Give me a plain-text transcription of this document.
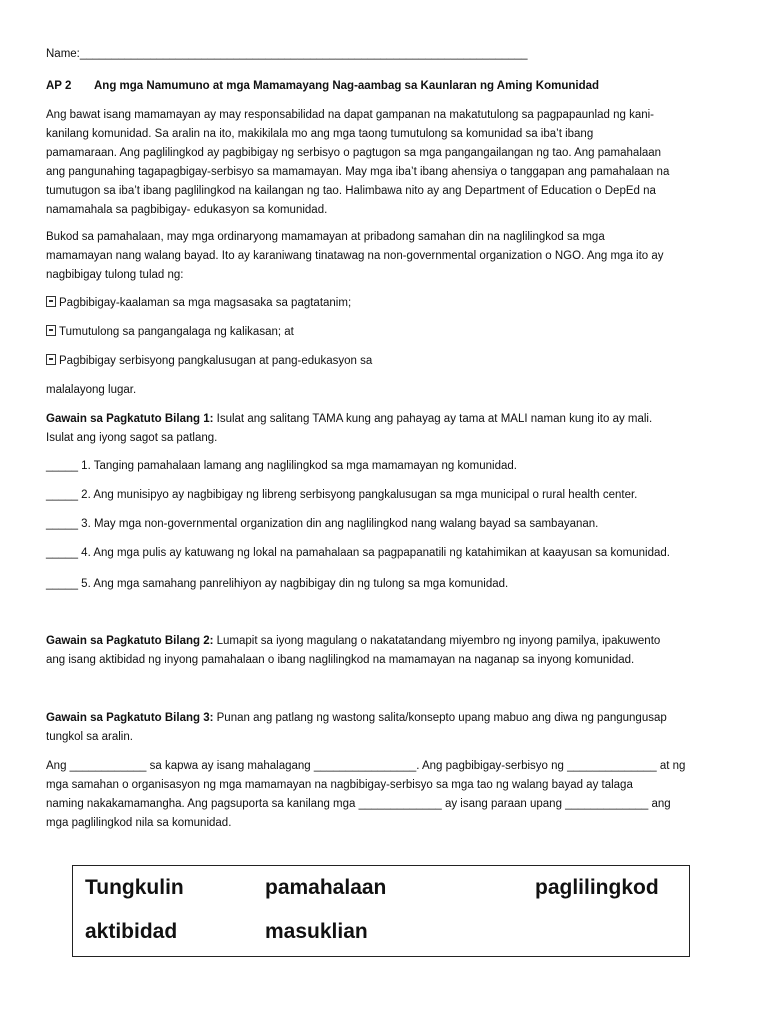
Name:______________________________________________________________________

AP 2 Ang mga Namumuno at mga Mamamayang Nag-aambag sa Kaunlaran ng Aming Komunidad

Ang bawat isang mamamayan ay may responsabilidad na dapat gampanan na makatutulong sa pagpapaunlad ng kani-

kanilang komunidad. Sa aralin na ito, makikilala mo ang mga taong tumutulong sa komunidad sa iba’t ibang

pamamaraan. Ang paglilingkod ay pagbibigay ng serbisyo o pagtugon sa mga pangangailangan ng tao. Ang pamahalaan

ang pangunahing tagapagbigay-serbisyo sa mamamayan. May mga iba’t ibang ahensiya o tanggapan ang pamahalaan na

tumutugon sa iba’t ibang paglilingkod na kailangan ng tao. Halimbawa nito ay ang Department of Education o DepEd na

namamahala sa pagbibigay- edukasyon sa komunidad.

Bukod sa pamahalaan, may mga ordinaryong mamamayan at pribadong samahan din na naglilingkod sa mga

mamamayan nang walang bayad. Ito ay karaniwang tinatawag na non-governmental organization o NGO. Ang mga ito ay

nagbibigay tulong tulad ng:

Pagbibigay-kaalaman sa mga magsasaka sa pagtatanim;

Tumutulong sa pangangalaga ng kalikasan; at

Pagbibigay serbisyong pangkalusugan at pang-edukasyon sa

malalayong lugar.

Gawain sa Pagkatuto Bilang 1: Isulat ang salitang TAMA kung ang pahayag ay tama at MALI naman kung ito ay mali.

Isulat ang iyong sagot sa patlang.

_____ 1. Tanging pamahalaan lamang ang naglilingkod sa mga mamamayan ng komunidad.

_____ 2. Ang munisipyo ay nagbibigay ng libreng serbisyong pangkalusugan sa mga municipal o rural health center.

_____ 3. May mga non-governmental organization din ang naglilingkod nang walang bayad sa sambayanan.

_____ 4. Ang mga pulis ay katuwang ng lokal na pamahalaan sa pagpapanatili ng katahimikan at kaayusan sa komunidad.

_____ 5. Ang mga samahang panrelihiyon ay nagbibigay din ng tulong sa mga komunidad.

Gawain sa Pagkatuto Bilang 2: Lumapit sa iyong magulang o nakatatandang miyembro ng inyong pamilya, ipakuwento

ang isang aktibidad ng inyong pamahalaan o ibang naglilingkod na mamamayan na naganap sa inyong komunidad.

Gawain sa Pagkatuto Bilang 3: Punan ang patlang ng wastong salita/konsepto upang mabuo ang diwa ng pangungusap

tungkol sa aralin.

Ang ____________ sa kapwa ay isang mahalagang ________________. Ang pagbibigay-serbisyo ng ______________ at ng

mga samahan o organisasyon ng mga mamamayan na nagbibigay-serbisyo sa mga tao ng walang bayad ay talaga

naming nakakamamangha. Ang pagsuporta sa kanilang mga _____________ ay isang paraan upang _____________ ang

mga paglilingkod nila sa komunidad.

Tungkulin	pamahalaan	paglilingkod
aktibidad	masuklian
